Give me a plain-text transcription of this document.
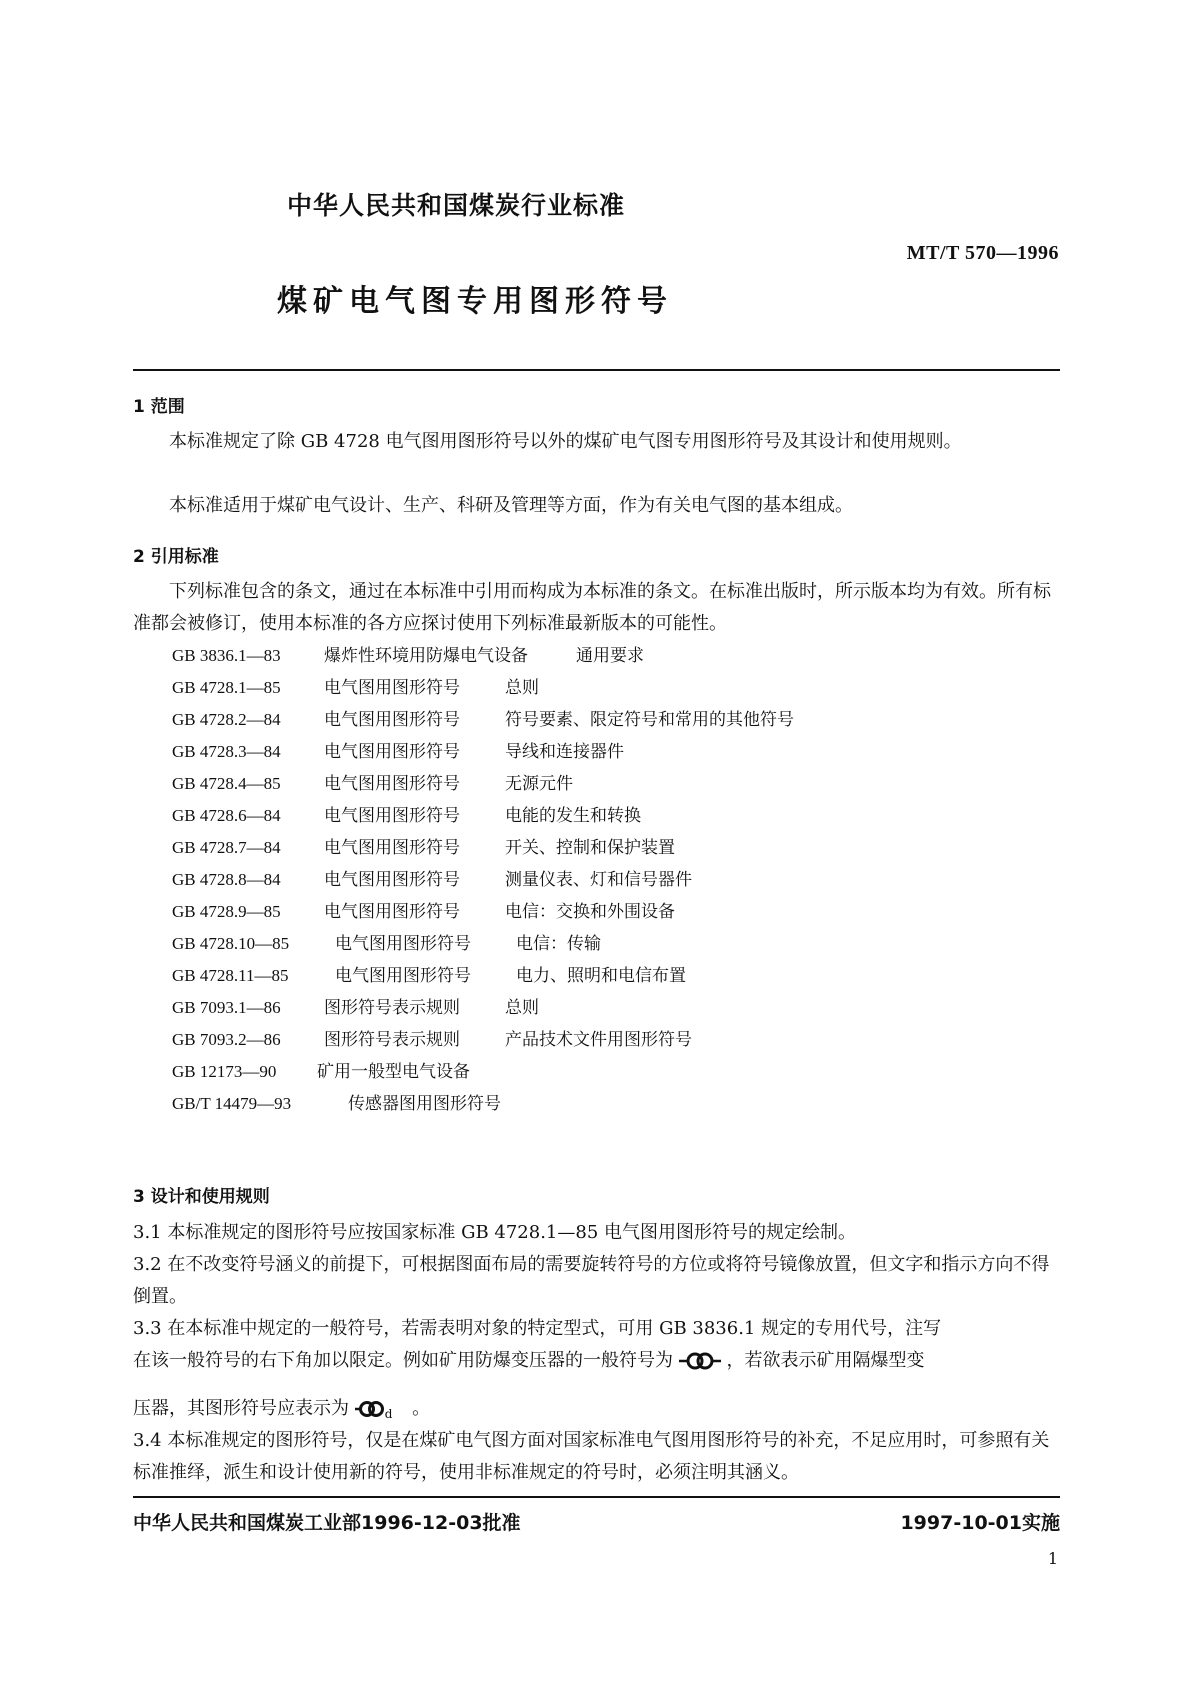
中华人民共和国煤炭行业标准
MT/T 570—1996
煤矿电气图专用图形符号
1 范围
本标准规定了除 GB 4728 电气图用图形符号以外的煤矿电气图专用图形符号及其设计和使用规则。
本标准适用于煤矿电气设计、生产、科研及管理等方面，作为有关电气图的基本组成。
2 引用标准
下列标准包含的条文，通过在本标准中引用而构成为本标准的条文。在标准出版时，所示版本均为有效。所有标准都会被修订，使用本标准的各方应探讨使用下列标准最新版本的可能性。
GB 3836.1—83	爆炸性环境用防爆电气设备	通用要求
GB 4728.1—85	电气图用图形符号	总则
GB 4728.2—84	电气图用图形符号	符号要素、限定符号和常用的其他符号
GB 4728.3—84	电气图用图形符号	导线和连接器件
GB 4728.4—85	电气图用图形符号	无源元件
GB 4728.6—84	电气图用图形符号	电能的发生和转换
GB 4728.7—84	电气图用图形符号	开关、控制和保护装置
GB 4728.8—84	电气图用图形符号	测量仪表、灯和信号器件
GB 4728.9—85	电气图用图形符号	电信：交换和外围设备
GB 4728.10—85	电气图用图形符号	电信：传输
GB 4728.11—85	电气图用图形符号	电力、照明和电信布置
GB 7093.1—86	图形符号表示规则	总则
GB 7093.2—86	图形符号表示规则	产品技术文件用图形符号
GB 12173—90 矿用一般型电气设备
GB/T 14479—93	传感器图用图形符号
3 设计和使用规则
3.1 本标准规定的图形符号应按国家标准 GB 4728.1—85 电气图用图形符号的规定绘制。
3.2 在不改变符号涵义的前提下，可根据图面布局的需要旋转符号的方位或将符号镜像放置，但文字和指示方向不得倒置。
3.3 在本标准中规定的一般符号，若需表明对象的特定型式，可用 GB 3836.1 规定的专用代号，注写
在该一般符号的右下角加以限定。例如矿用防爆变压器的一般符号为	，若欲表示矿用隔爆型变
压器，其图形符号应表示为	$_d$ 。
3.4 本标准规定的图形符号，仅是在煤矿电气图方面对国家标准电气图用图形符号的补充，不足应用时，可参照有关标准推绎，派生和设计使用新的符号，使用非标准规定的符号时，必须注明其涵义。
中华人民共和国煤炭工业部1996-12-03批准	1997-10-01实施
1
